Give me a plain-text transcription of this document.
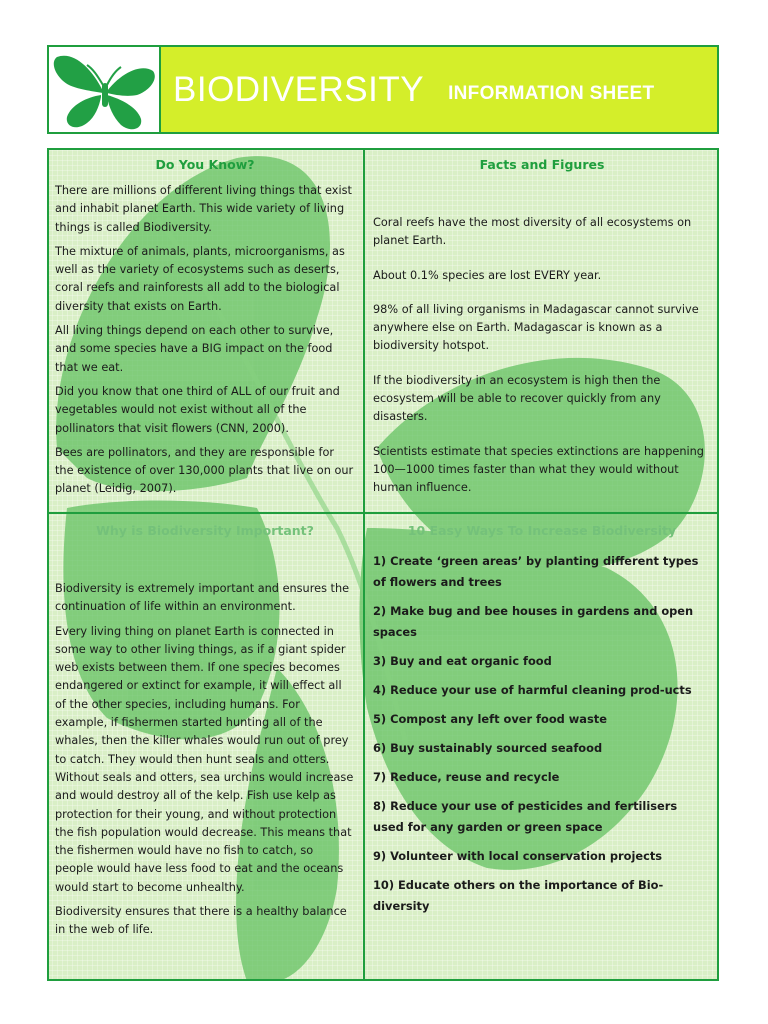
BIODIVERSITY INFORMATION SHEET
Do You Know?

There are millions of different living things that exist and inhabit planet Earth. This wide variety of living things is called Biodiversity.

The mixture of animals, plants, microorganisms, as well as the variety of ecosystems such as deserts, coral reefs and rainforests all add to the biological diversity that exists on Earth.

All living things depend on each other to survive, and some species have a BIG impact on the food that we eat.

Did you know that one third of ALL of our fruit and vegetables would not exist without all of the pollinators that visit flowers (CNN, 2000).

Bees are pollinators, and they are responsible for the existence of over 130,000 plants that live on our planet (Leidig, 2007).

Facts and Figures

Coral reefs have the most diversity of all ecosystems on planet Earth.

About 0.1% species are lost EVERY year.

98% of all living organisms in Madagascar cannot survive anywhere else on Earth. Madagascar is known as a biodiversity hotspot.

If the biodiversity in an ecosystem is high then the ecosystem will be able to recover quickly from any disasters.

Scientists estimate that species extinctions are happening 100—1000 times faster than what they would without human influence.

Why is Biodiversity Important?

Biodiversity is extremely important and ensures the continuation of life within an environment.

Every living thing on planet Earth is connected in some way to other living things, as if a giant spider web exists between them. If one species becomes endangered or extinct for example, it will effect all of the other species, including humans. For example, if fishermen started hunting all of the whales, then the killer whales would run out of prey to catch. They would then hunt seals and otters. Without seals and otters, sea urchins would increase and would destroy all of the kelp. Fish use kelp as protection for their young, and without protection the fish population would decrease. This means that the fishermen would have no fish to catch, so people would have less food to eat and the oceans would start to become unhealthy.

Biodiversity ensures that there is a healthy balance in the web of life.

10 Easy Ways To Increase Biodiversity

1) Create ‘green areas’ by planting different types of flowers and trees

2) Make bug and bee houses in gardens and open spaces

3) Buy and eat organic food

4) Reduce your use of harmful cleaning prod-ucts

5) Compost any left over food waste

6) Buy sustainably sourced seafood

7) Reduce, reuse and recycle

8) Reduce your use of pesticides and fertilisers used for any garden or green space

9) Volunteer with local conservation projects

10) Educate others on the importance of Bio-diversity
